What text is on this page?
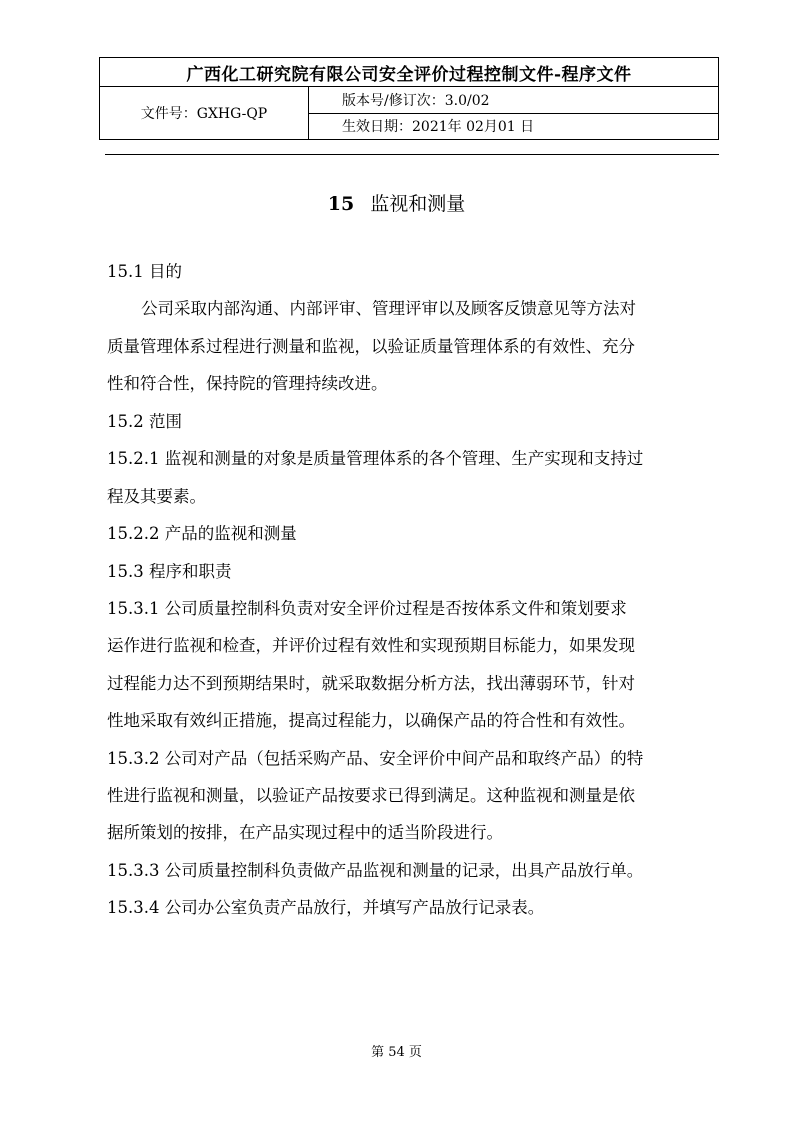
广西化工研究院有限公司安全评价过程控制文件-程序文件
文件号：GXHG-QP	版本号/修订次：3.0/02
生效日期：2021年 02月01 日
15 监视和测量
15.1 目的
公司采取内部沟通、内部评审、管理评审以及顾客反馈意见等方法对
质量管理体系过程进行测量和监视，以验证质量管理体系的有效性、充分
性和符合性，保持院的管理持续改进。
15.2 范围
15.2.1 监视和测量的对象是质量管理体系的各个管理、生产实现和支持过
程及其要素。
15.2.2 产品的监视和测量
15.3 程序和职责
15.3.1 公司质量控制科负责对安全评价过程是否按体系文件和策划要求
运作进行监视和检查，并评价过程有效性和实现预期目标能力，如果发现
过程能力达不到预期结果时，就采取数据分析方法，找出薄弱环节，针对
性地采取有效纠正措施，提高过程能力，以确保产品的符合性和有效性。
15.3.2 公司对产品（包括采购产品、安全评价中间产品和取终产品）的特
性进行监视和测量，以验证产品按要求已得到满足。这种监视和测量是依
据所策划的按排，在产品实现过程中的适当阶段进行。
15.3.3 公司质量控制科负责做产品监视和测量的记录，出具产品放行单。
15.3.4 公司办公室负责产品放行，并填写产品放行记录表。
第 54 页
